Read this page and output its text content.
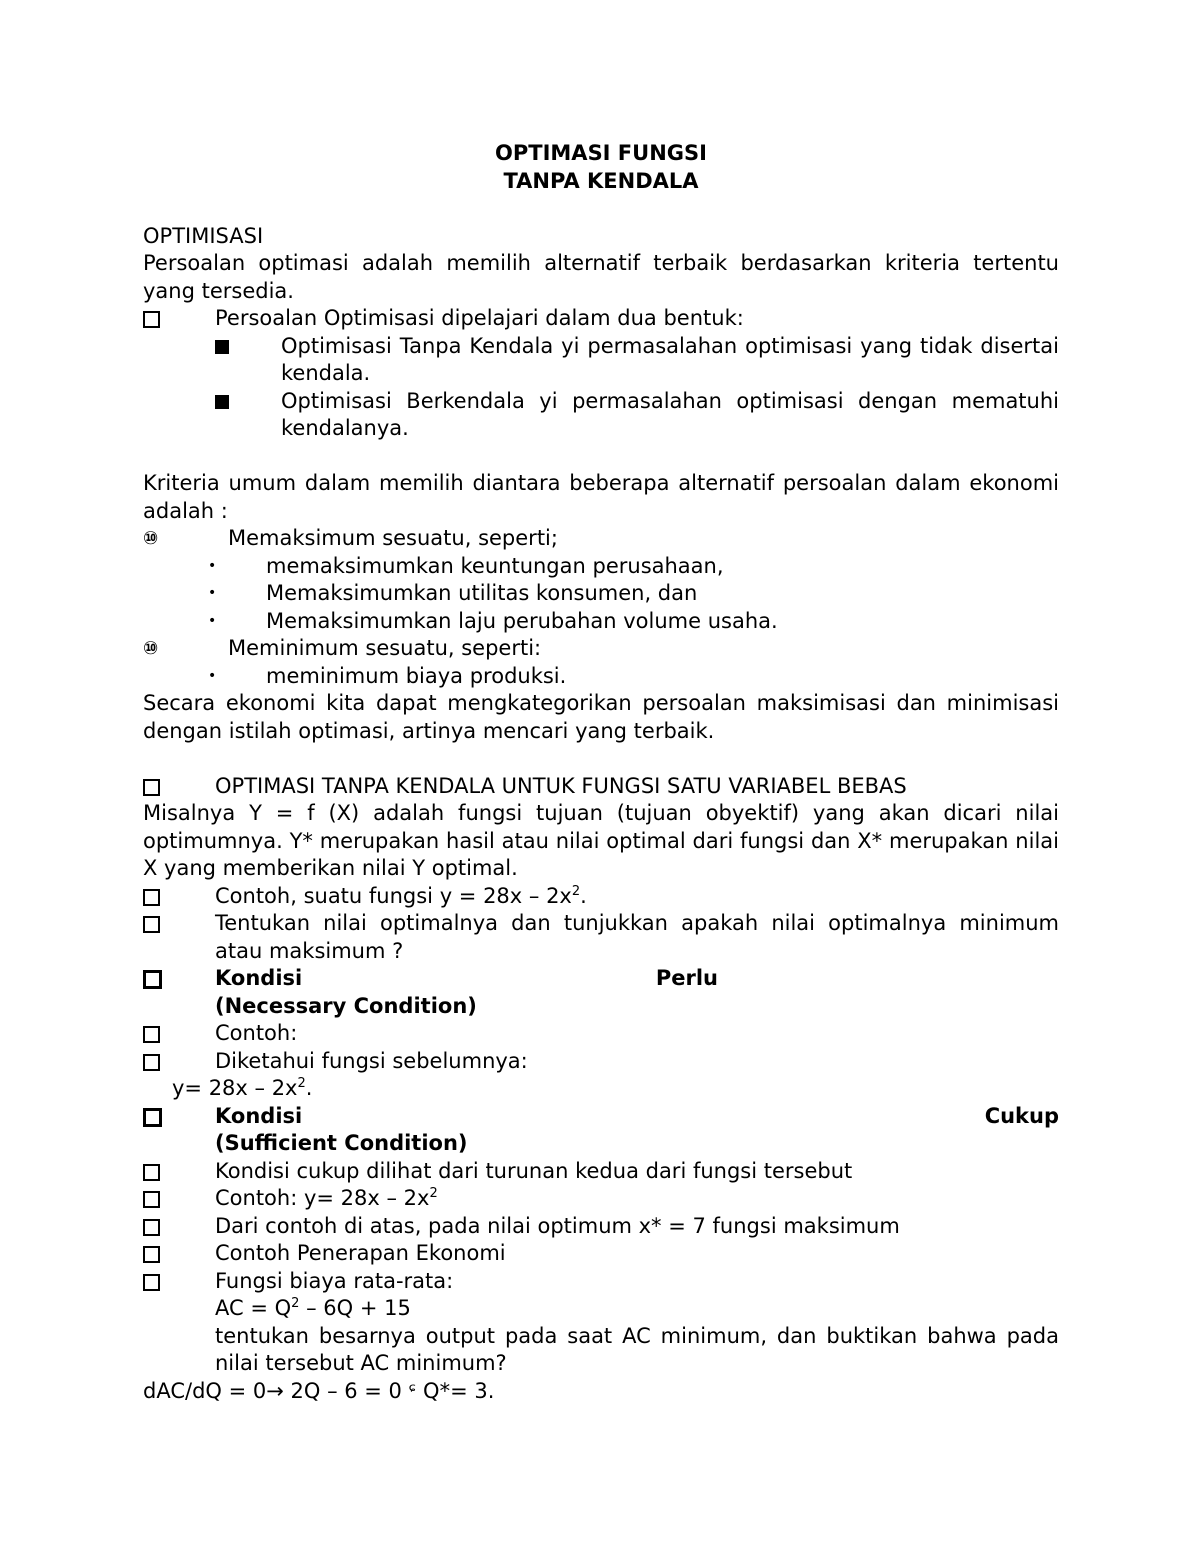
OPTIMASI FUNGSI

TANPA KENDALA

OPTIMISASI

Persoalan optimasi adalah memilih alternatif terbaik berdasarkan kriteria tertentu yang tersedia.

Persoalan Optimisasi dipelajari dalam dua bentuk:
Optimisasi Tanpa Kendala yi permasalahan optimisasi yang tidak disertai kendala.
Optimisasi Berkendala yi permasalahan optimisasi dengan mematuhi kendalanya.

Kriteria umum dalam memilih diantara beberapa alternatif persoalan dalam ekonomi adalah :

⑩	Memaksimum sesuatu, seperti;
• memaksimumkan keuntungan perusahaan,
• Memaksimumkan utilitas konsumen, dan
• Memaksimumkan laju perubahan volume usaha.
⑩	Meminimum sesuatu, seperti:
• meminimum biaya produksi.

Secara ekonomi kita dapat mengkategorikan persoalan maksimisasi dan minimisasi dengan istilah optimasi, artinya mencari yang terbaik.

OPTIMASI TANPA KENDALA UNTUK FUNGSI SATU VARIABEL BEBAS

Misalnya Y = f (X) adalah fungsi tujuan (tujuan obyektif) yang akan dicari nilai optimumnya. Y* merupakan hasil atau nilai optimal dari fungsi dan X* merupakan nilai X yang memberikan nilai Y optimal.

Contoh, suatu fungsi $y = 28x - 2x^2$.
Tentukan nilai optimalnya dan tunjukkan apakah nilai optimalnya minimum atau maksimum ?
Kondisi	Perlu
(Necessary Condition)
Contoh:
Diketahui fungsi sebelumnya:

$y= 28x - 2x^2$.

Kondisi	Cukup
(Sufficient Condition)
Kondisi cukup dilihat dari turunan kedua dari fungsi tersebut
Contoh: $y= 28x - 2x^2$
Dari contoh di atas, pada nilai optimum x* = 7 fungsi maksimum
Contoh Penerapan Ekonomi
Fungsi biaya rata-rata:
AC = $Q^2 - 6Q + 15$

tentukan besarnya output pada saat AC minimum, dan buktikan bahwa pada nilai tersebut AC minimum?

dAC/dQ = 0→ 2Q – 6 = 0 ᶝ Q*= 3.
